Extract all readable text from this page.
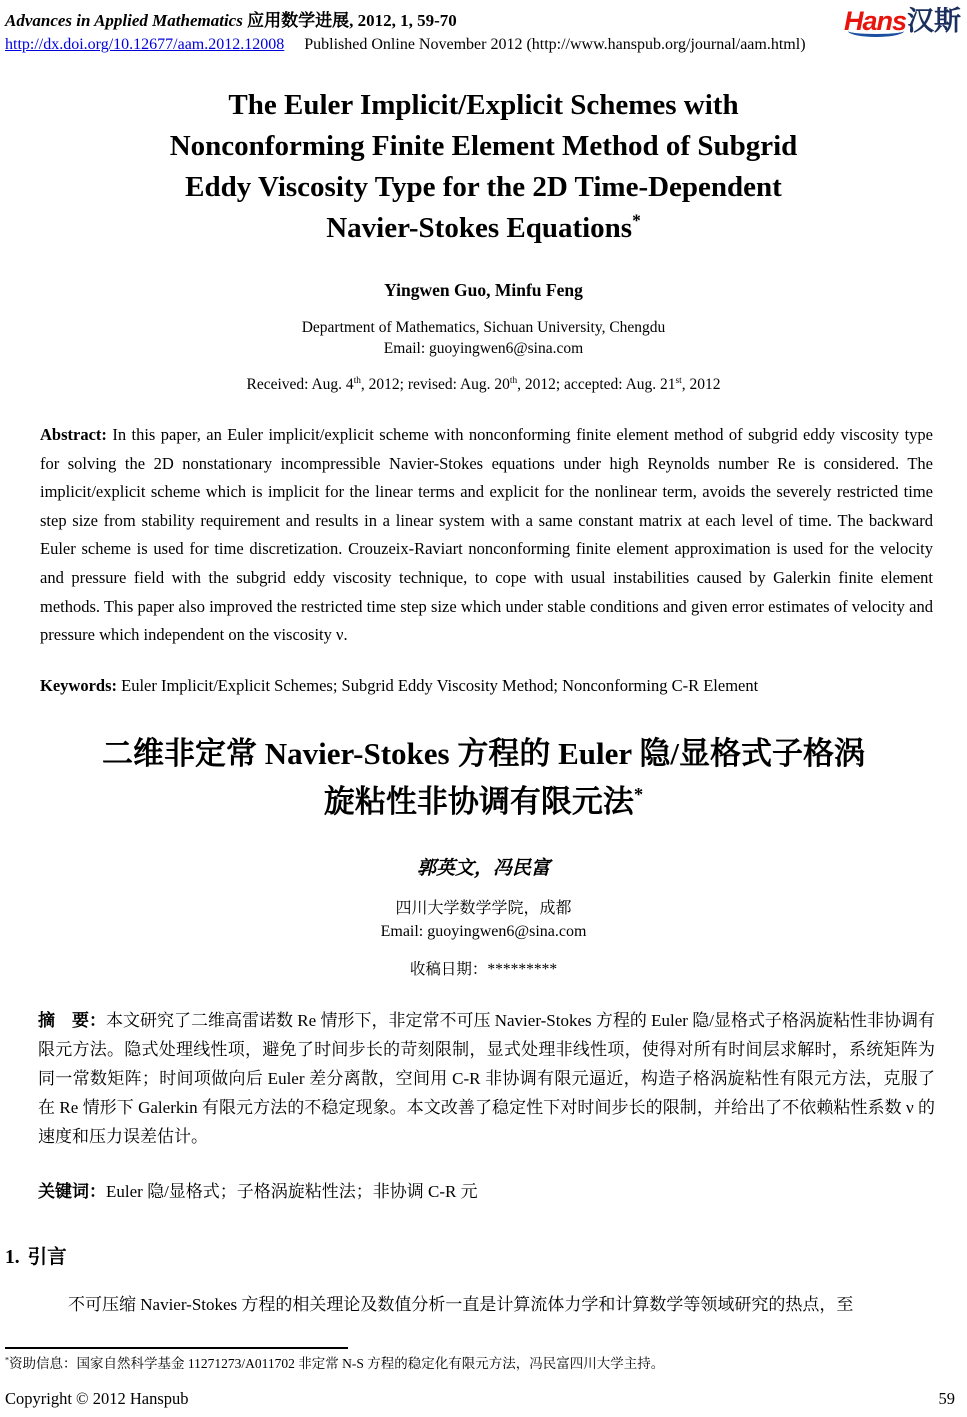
Advances in Applied Mathematics 应用数学进展, 2012, 1, 59-70
http://dx.doi.org/10.12677/aam.2012.12008 Published Online November 2012 (http://www.hanspub.org/journal/aam.html)
Hans汉斯
The Euler Implicit/Explicit Schemes with
Nonconforming Finite Element Method of Subgrid
Eddy Viscosity Type for the 2D Time-Dependent
Navier-Stokes Equations*
Yingwen Guo, Minfu Feng
Department of Mathematics, Sichuan University, Chengdu
Email: guoyingwen6@sina.com
Received: Aug. 4th, 2012; revised: Aug. 20th, 2012; accepted: Aug. 21st, 2012
Abstract: In this paper, an Euler implicit/explicit scheme with nonconforming finite element method of subgrid eddy viscosity type for solving the 2D nonstationary incompressible Navier-Stokes equations under high Reynolds number Re is considered. The implicit/explicit scheme which is implicit for the linear terms and explicit for the nonlinear term, avoids the severely restricted time step size from stability requirement and results in a linear system with a same constant matrix at each level of time. The backward Euler scheme is used for time discretization. Crouzeix-Raviart nonconforming finite element approximation is used for the velocity and pressure field with the subgrid eddy viscosity technique, to cope with usual instabilities caused by Galerkin finite element methods. This paper also improved the restricted time step size which under stable conditions and given error estimates of velocity and pressure which independent on the viscosity ν.
Keywords: Euler Implicit/Explicit Schemes; Subgrid Eddy Viscosity Method; Nonconforming C-R Element
二维非定常 Navier-Stokes 方程的 Euler 隐/显格式子格涡
旋粘性非协调有限元法*
郭英文，冯民富
四川大学数学学院，成都
Email: guoyingwen6@sina.com
收稿日期：*********
摘　要：本文研究了二维高雷诺数 Re 情形下，非定常不可压 Navier-Stokes 方程的 Euler 隐/显格式子格涡旋粘性非协调有限元方法。隐式处理线性项，避免了时间步长的苛刻限制，显式处理非线性项，使得对所有时间层求解时，系统矩阵为同一常数矩阵；时间项做向后 Euler 差分离散，空间用 C-R 非协调有限元逼近，构造子格涡旋粘性有限元方法，克服了在 Re 情形下 Galerkin 有限元方法的不稳定现象。本文改善了稳定性下对时间步长的限制，并给出了不依赖粘性系数 ν 的速度和压力误差估计。
关键词：Euler 隐/显格式；子格涡旋粘性法；非协调 C-R 元
1. 引言
不可压缩 Navier-Stokes 方程的相关理论及数值分析一直是计算流体力学和计算数学等领域研究的热点，至
*资助信息：国家自然科学基金 11271273/A011702 非定常 N-S 方程的稳定化有限元方法，冯民富四川大学主持。
Copyright © 2012 Hanspub	59
